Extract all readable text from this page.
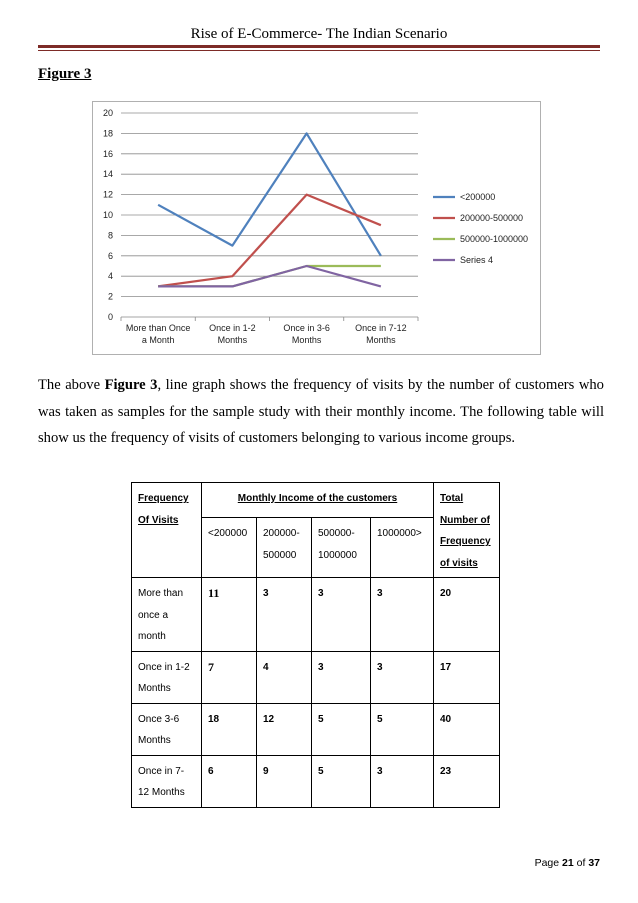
Rise of E-Commerce- The Indian Scenario
Figure 3
0
2
4
6
8
10
12
14
16
18
20
More than Once
a Month
Once in 1-2
Months
Once in 3-6
Months
Once in 7-12
Months
<200000
200000-500000
500000-1000000
Series 4
The above Figure 3, line graph shows the frequency of visits by the number of customers who was taken as samples for the sample study with their monthly income. The following table will show us the frequency of visits of customers belonging to various income groups.
Frequency Of Visits	Monthly Income of the customers				Total Number of Frequency of visits
	<200000	200000-500000	500000-1000000	1000000>	
More than once a month	11	3	3	3	20
Once in 1-2 Months	7	4	3	3	17
Once 3-6 Months	18	12	5	5	40
Once in 7-12 Months	6	9	5	3	23
Page 21 of 37
